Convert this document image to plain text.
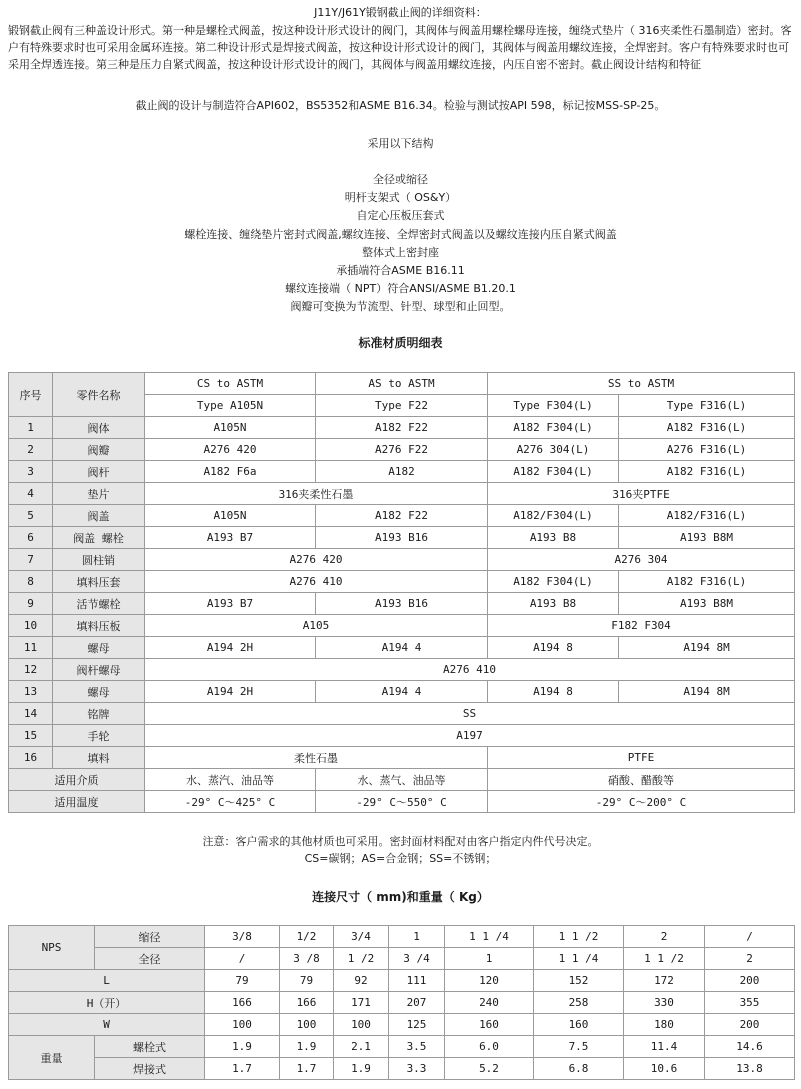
J11Y/J61Y锻钢截止阀的详细资料：
锻钢截止阀有三种盖设计形式。第一种是螺栓式阀盖，按这种设计形式设计的阀门，其阀体与阀盖用螺栓螺母连接，缠绕式垫片（ 316夹柔性石墨制造）密封。客户有特殊要求时也可采用金属环连接。第二种设计形式是焊接式阀盖，按这种设计形式设计的阀门，其阀体与阀盖用螺纹连接，全焊密封。客户有特殊要求时也可采用全焊透连接。第三种是压力自紧式阀盖，按这种设计形式设计的阀门，其阀体与阀盖用螺纹连接，内压自密不密封。截止阀设计结构和特征
截止阀的设计与制造符合API602，BS5352和ASME B16.34。检验与测试按API 598，标记按MSS-SP-25。
采用以下结构
全径或缩径
明杆支架式（ OS&Y）
自定心压板压套式
螺栓连接、缠绕垫片密封式阀盖,螺纹连接、全焊密封式阀盖以及螺纹连接内压自紧式阀盖
整体式上密封座
承插端符合ASME B16.11
螺纹连接端（ NPT）符合ANSI/ASME B1.20.1
阀瓣可变换为节流型、针型、球型和止回型。
标准材质明细表
序号	零件名称	CS to ASTM	AS to ASTM	SS to ASTM	
		Type A105N	Type F22	Type F304(L)	Type F316(L)
1	阀体	A105N	A182 F22	A182 F304(L)	A182 F316(L)
2	阀瓣	A276 420	A276 F22	A276 304(L)	A276 F316(L)
3	阀杆	A182 F6a	A182	A182 F304(L)	A182 F316(L)
4	垫片	316夹柔性石墨		316夹PTFE	
5	阀盖	A105N	A182 F22	A182/F304(L)	A182/F316(L)
6	阀盖 螺栓	A193 B7	A193 B16	A193 B8	A193 B8M
7	圆柱销	A276 420		A276 304	
8	填料压套	A276 410		A182 F304(L)	A182 F316(L)
9	活节螺栓	A193 B7	A193 B16	A193 B8	A193 B8M
10	填料压板	A105		F182 F304	
11	螺母	A194 2H	A194 4	A194 8	A194 8M
12	阀杆螺母	A276 410			
13	螺母	A194 2H	A194 4	A194 8	A194 8M
14	铭牌	SS			
15	手轮	A197			
16	填料	柔性石墨		PTFE	
适用介质		水、蒸汽、油品等	水、蒸气、油品等	硝酸、醋酸等	
适用温度		-29° C～425° C	-29° C～550° C	-29° C～200° C	
注意：客户需求的其他材质也可采用。密封面材料配对由客户指定内件代号决定。
CS=碳钢；AS=合金钢；SS=不锈钢；
连接尺寸（ mm)和重量（ Kg）
NPS	缩径	3/8	1/2	3/4	1	1 1 /4	1 1 /2	2	/
	全径	/	3 /8	1 /2	3 /4	1	1 1 /4	1 1 /2	2
L		79	79	92	111	120	152	172	200
H（开）		166	166	171	207	240	258	330	355
W		100	100	100	125	160	160	180	200
重量	螺栓式	1.9	1.9	2.1	3.5	6.0	7.5	11.4	14.6
	焊接式	1.7	1.7	1.9	3.3	5.2	6.8	10.6	13.8
